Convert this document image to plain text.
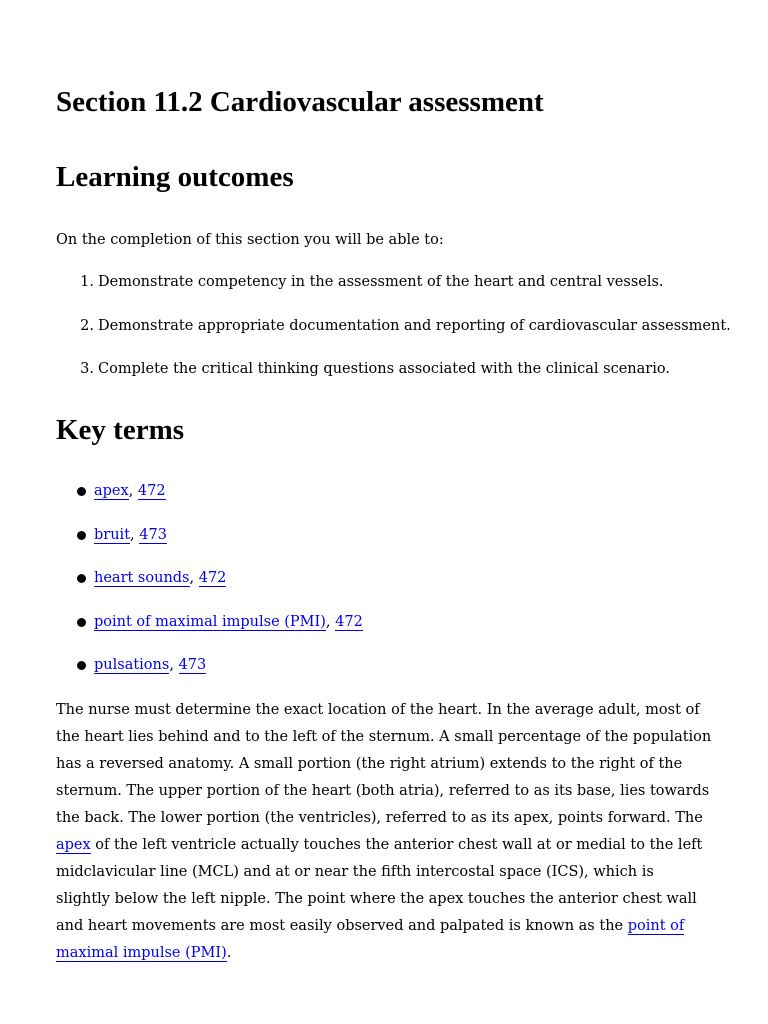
Section 11.2 Cardiovascular assessment
Learning outcomes

On the completion of this section you will be able to:

1 . Demonstrate competency in the assessment of the heart and central vessels.
2 . Demonstrate appropriate documentation and reporting of cardiovascular assessment.
3 . Complete the critical thinking questions associated with the clinical scenario.
Key terms
apex, 472
bruit, 473
heart sounds, 472
point of maximal impulse (PMI), 472
pulsations, 473

The nurse must determine the exact location of the heart. In the average adult, most of the heart lies behind and to the left of the sternum. A small percentage of the population has a reversed anatomy. A small portion (the right atrium) extends to the right of the sternum. The upper portion of the heart (both atria), referred to as its base, lies towards the back. The lower portion (the ventricles), referred to as its apex, points forward. The apex of the left ventricle actually touches the anterior chest wall at or medial to the left midclavicular line (MCL) and at or near the fifth intercostal space (ICS), which is slightly below the left nipple. The point where the apex touches the anterior chest wall and heart movements are most easily observed and palpated is known as the point of maximal impulse (PMI).
